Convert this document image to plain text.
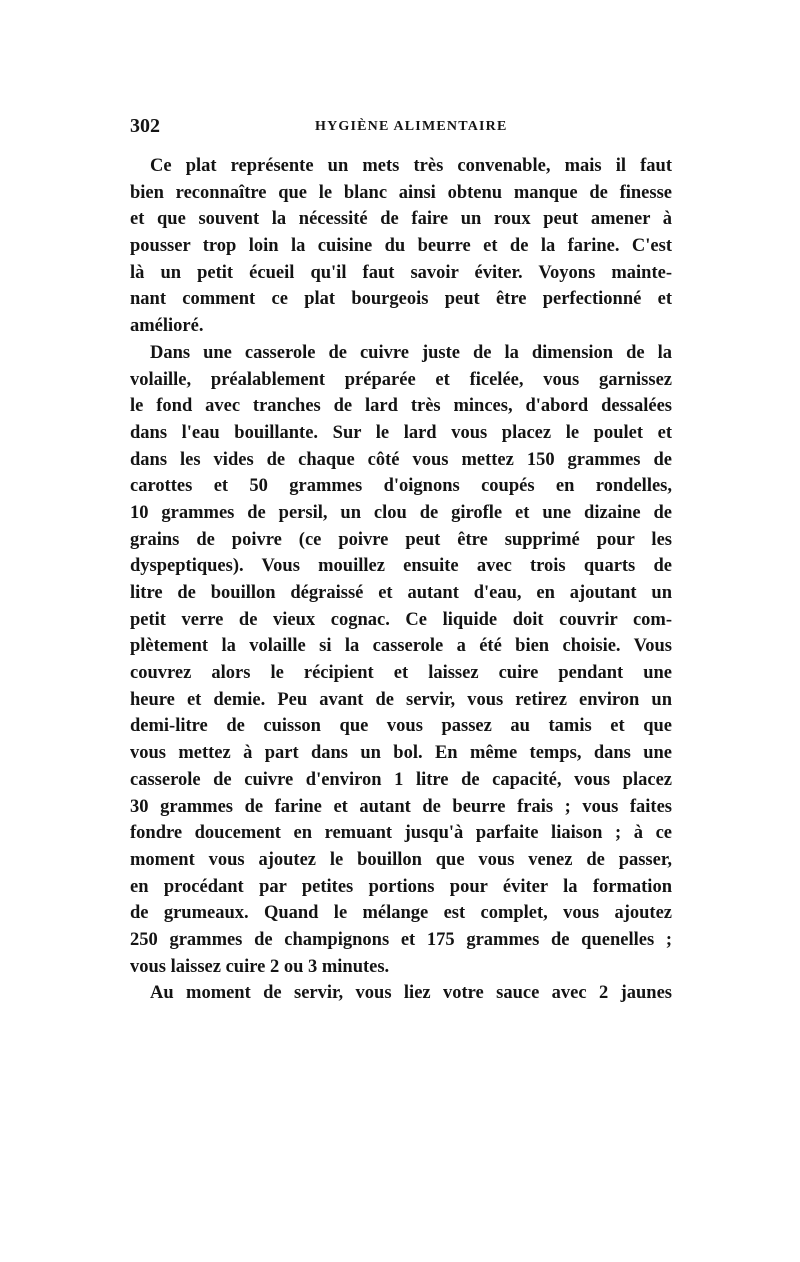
302	HYGIÈNE ALIMENTAIRE
Ce plat représente un mets très convenable, mais il faut
bien reconnaître que le blanc ainsi obtenu manque de finesse
et que souvent la nécessité de faire un roux peut amener à
pousser trop loin la cuisine du beurre et de la farine. C'est
là un petit écueil qu'il faut savoir éviter. Voyons mainte-
nant comment ce plat bourgeois peut être perfectionné et
amélioré.
Dans une casserole de cuivre juste de la dimension de la
volaille, préalablement préparée et ficelée, vous garnissez
le fond avec tranches de lard très minces, d'abord dessalées
dans l'eau bouillante. Sur le lard vous placez le poulet et
dans les vides de chaque côté vous mettez 150 grammes de
carottes et 50 grammes d'oignons coupés en rondelles,
10 grammes de persil, un clou de girofle et une dizaine de
grains de poivre (ce poivre peut être supprimé pour les
dyspeptiques). Vous mouillez ensuite avec trois quarts de
litre de bouillon dégraissé et autant d'eau, en ajoutant un
petit verre de vieux cognac. Ce liquide doit couvrir com-
plètement la volaille si la casserole a été bien choisie. Vous
couvrez alors le récipient et laissez cuire pendant une
heure et demie. Peu avant de servir, vous retirez environ un
demi-litre de cuisson que vous passez au tamis et que
vous mettez à part dans un bol. En même temps, dans une
casserole de cuivre d'environ 1 litre de capacité, vous placez
30 grammes de farine et autant de beurre frais ; vous faites
fondre doucement en remuant jusqu'à parfaite liaison ; à ce
moment vous ajoutez le bouillon que vous venez de passer,
en procédant par petites portions pour éviter la formation
de grumeaux. Quand le mélange est complet, vous ajoutez
250 grammes de champignons et 175 grammes de quenelles ;
vous laissez cuire 2 ou 3 minutes.
Au moment de servir, vous liez votre sauce avec 2 jaunes
